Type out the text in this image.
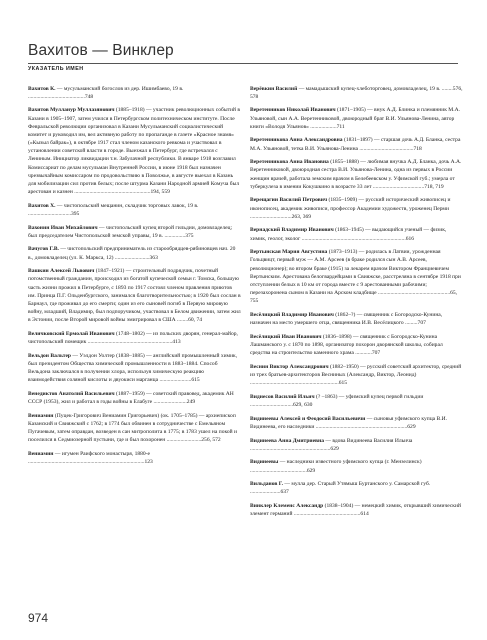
Вахитов — Винклер
УКАЗАТЕЛЬ ИМЕН

Вахитов К. — мусульманский богослов из дер. Ишимбаево, 19 в. .........................................748

Вахитов Мулланур Муллазянович (1885–1918) — участник революционных событий в Казани в 1905–1907, затем учился в Петербургском политехническом институте. После Февральской революции организовал в Казани Мусульманский социалистический комитет и руководил им, вел активную работу по пропаганде в газете «Красное знамя» («Кызыл байрак»), в октябре 1917 стал членом казанского ревкома и участвовал в установлении советской власти в городе. Выезжал в Петербург, где встречался с Лениным. Инициатор ликвидации т.н. Забулачной республики. В январе 1918 возглавил Комиссариат по делам мусульман Внутренней России, в июне 1918 был назначен чрезвычайным комиссаром по продовольствию в Поволжье, в августе выехал в Казань для мобилизации сил против белых; после штурма Казани Народной армией Комуча был арестован и казнен .......................................................194, 559

Вахитов Х. — чистопольский мещанин, складчик торговых лавок, 19 в. ...............................395

Вахонин Иван Михайлович — чистопольский купец второй гильдии, домовладелец; был председателем Чистопольской земской управы, 19 в. ...............375

Вачугов Г.В. — чистопольский предприниматель из старообрядцев-рябиновцев нач. 20 в., домовладелец (ул. К. Маркса, 12) .........................363

Вашкин Алексей Львович (1847–1921) — строительный подрядчик, почетный потомственный гражданин, происходил из богатой купеческой семьи г. Томска, большую часть жизни прожил в Петербурге, с 1893 по 1917 состоял членом правления приютов им. Принца П.Г. Ольденбургского, занимался благотворительностью; в 1920 был сослан в Барнаул, где проживал до его смерти; один из его сыновей погиб в Первую мировую войну, младший, Владимир, был подпоручиком, участвовал в Белом движении, затем жил в Эстонии, после Второй мировой войны эмигрировал в США ........60, 74

Величковский Ермолай Иванович (1748–1802) — из польских дворян, генерал-майор, чистопольский помещик .............................................................413

Вельдон Вальтер — Уэлдон Уолтер (1838–1885) — английский промышленный химик, был президентом Общества химической промышленности в 1883–1884. Способ Вельдона заключался в получении хлора, используя химическую реакцию взаимодействия соляной кислоты и двуокиси марганца .......................615

Венедиктов Анатолий Васильевич (1887–1959) — советский правовед, академик АН СССР (1953), жил и работал в годы войны в Елабуге ........................249

Вениамин (Пуцек-Григорович Вениамин Григорьевич) (ок. 1705–1785) — архиепископ Казанский и Свияжский с 1762; в 1774 был обвинен в сотрудничестве с Емельяном Пугачевым, затем оправдан, возведен в сан митрополита в 1775; в 1783 ушел на покой и поселился в Седмиозерной пустыни, где и был похоронен .........................256, 572

Вениамин — игумен Раифского монастыря, 1880-е ....................................................................................123

Верёвкин Василий — мамадышский купец-хлеботорговец, домовладелец, 19 в. ........576, 578

Веретенников Николай Иванович (1871–1905) — внук А.Д. Блинка и племянник М.А. Ульяновой, сын А.А. Веретенниковой, двоюродный брат В.И. Ульянова-Ленина, автор книги «Володя Ульянов» ...................711

Веретенникова Анна Александровна (1831–1897) — старшая дочь А.Д. Бланка, сестра М.А. Ульяновой, тетка В.И. Ульянова-Ленина .......................................718

Веретенникова Анна Ивановна (1855–1888) — любимая внучка А.Д. Бланка, дочь А.А. Веретенниковой, двоюродная сестра В.И. Ульянова-Ленина, одна из первых в России женщин врачей, работала земским врачом в Белебеевском у. Уфимской губ.; умерла от туберкулеза в имении Кокушкино в возрасте 33 лет .....................................718, 719

Верещагин Василий Петрович (1835–1909) — русский исторический живописец и иконописец, академик живописи, профессор Академии художеств, уроженец Перми ..............................263, 369

Вернадский Владимир Иванович (1863–1945) — выдающийся ученый — физик, химик, геолог, эколог ...........................................................................616

Вертынская Мария Августина (1873–1913) — родилась в Латвии, урожденная Гольцвицт, первый муж — А.М. Арсеев (в браке родился сын А.В. Арсеев, революционер); во втором браке (1915) за лекарем врачом Виктором Франциевичем Вертынским. Арестована белогвардейцами в Свияжске, расстреляна в сентябре 1918 при отступлении белых в 10 км от города вместе с 9 арестованными рабочими; перезахоронена сыном в Казани на Арском кладбище ....................................................65, 755

Весёлицкий Владимир Иванович (1862–?) — священник с Богородско-Кунина, назначен на место умершего отца, священника И.В. Весёлицкого .........707

Весёлицкий Иван Иванович (1836–1898) — священник с Богородско-Кунина Лашманского у. с 1870 по 1898, организатор похорон дворянской школы, собирал средства на строительство каменного храма ............707

Веснин Виктор Александрович (1882–1950) — русский советский архитектор, средний из трех братьев-архитекторов Весниных (Александр, Виктор, Леонид) ................................................................615

Виднесов Василий Ильич (? –1863) — уфимский купец первой гильдии ...............................629, 630

Видинеевы Алексей и Феодосий Васильевичи — сыновья уфимского купца В.И. Видинеева, его наследники ..................................................................629

Видинеева Анна Дмитриевна — вдова Видинеева Василия Ильича ..........................................................629

Видинеевы — наследники известного уфимского купца (г. Мензелинск) .........................................629

Вильданов Г. — мулла дер. Старый Утямыш Буртанского у. Самарской губ. ......................637

Винклер Клеменс Александр (1838–1904) — немецкий химик, открывший химический элемент германий ................................................614

974
